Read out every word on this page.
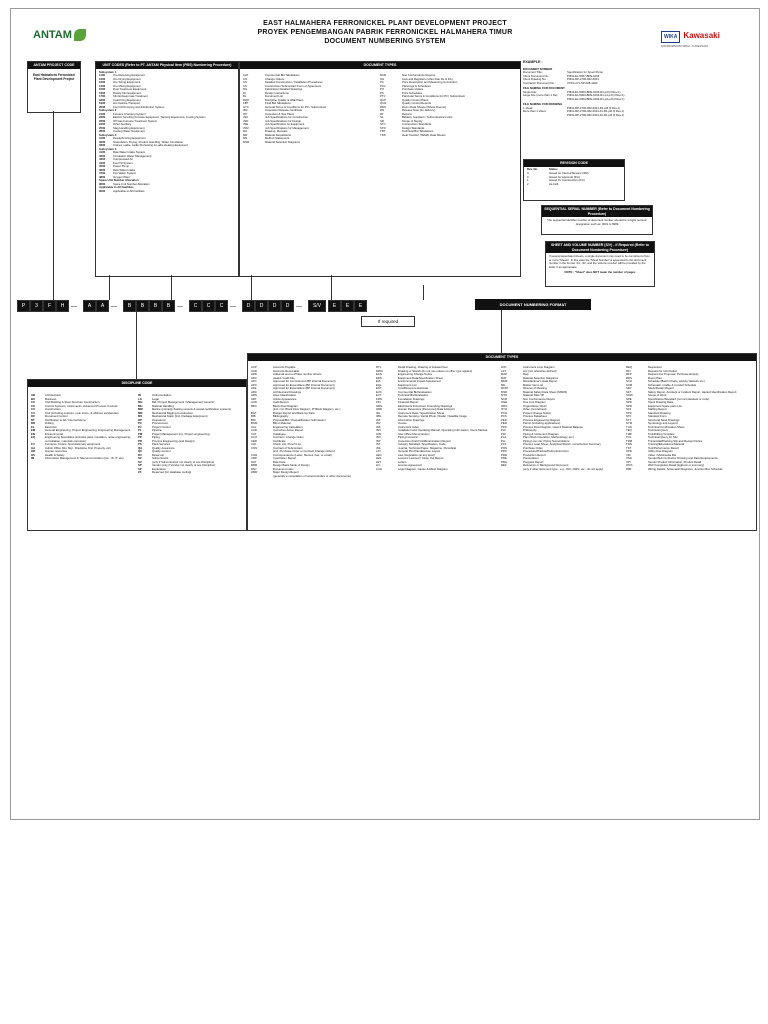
ANTAM	WIKA Kawasaki
KONSORSIUM WIKA - KAWASAKI
EAST HALMAHERA FERRONICKEL PLANT DEVELOPMENT PROJECT
PROYEK PENGEMBANGAN PABRIK FERRONICKEL HALMAHERA TIMUR
DOCUMENT NUMBERING SYSTEM
ANTAM PROJECT CODE
East Halmahera Ferronickel Plant Development Project
UNIT CODES (Refer to PT. ANTAM Physical Item (PBS) Numbering Procedure)
Subsystem 1
1100	Ore Receiving Equipment
1200	Ore Drying Equipment
1300	Ore Sizing Equipment
1400	Ore Mixing Equipment
1500	Dust Treatment Equipment
1600	Rotary Kiln Equipment
1700	Kiln Exhaust Gas Treatment
1800	Coal Firing Equipment
1900	Hot Calcine Transport
2000	Fuel Oil Pumping and distribution System
Subsystem 2
2100	Furnace Charging System
2200	Electric Smelting Furnace Equipment, Tapping Equipment, Cooling System
2300	Off Gas Furnace Treatment System
2400	Other Auxiliary
2500	Slag Handling Equipment
2600	Cooling Water Equipment
Subsystem 3
3100	Desulphurizing Equipment
3200	Granulation, Drying, Product Handling, Water Circulation
3300	Cranes, Ladle, Ladle Preheating & Ladle Heating Equipment
Subsystem 4
4100	Raw Water Intake System
4200	Circulation Water Management
4300	Compressed Air
4400	Fuel Oil System
4500	Power Pump
4600	Raw Water Intake
4700	Fire Water System
4800	Oxygen Plant
Spare Unit Number Allocation
9000	Spare Unit Number Allocation
Applicable to All Facilities
0000	Applicable to All Facilities
DOCUMENT TYPES
CAT	Commercial Bid Tabulations
CO	Change Orders
CS	Detailed Construction / Installation Procedures
CS	Construction Subcontract Form of Agreement
DG	Fabrication Detailed Drawings
DI	Design Instructions
DL	Document List
DQP	Discipline Quality & HSE Plans
FBT	Final Bid Tabulations
GTC	General Terms & Conditions for PO / Subcontract
IRC	Inspection Release Certificate
ITP	Inspection & Test Plans
JSC	Job Specifications for Construction
JSD	Job Specifications for Design
JSE	Job Specification for Equipment
JSM	Job Specifications for Management
MA	Drawing, Manuals
MR	Material Requisitions
MS	Method Statements
MSR	Material Selection Diagrams
NCR	Non Conformance Reports
OG	Lists and Registers (other than DL & ICL)
PC	Price Description and Measuring Convention
PLG	Plannings & Schedules
PO	Purchase Orders
PS	Price Schedules
PTC	Particular Terms & Conditions for PO / Subcontract
QCP	Quality Control Plans
QCR	Quality Control Reports
RDS	Room Data Sheets (Whole Rooms)
RN	Release Note (for delivery)
RT	Reports
SL	Bidders, Suppliers / Subcontractors Lists
SR	Scope of Supply
STC	Construction Standards
STD	Design Standards
TBT	Technical Bid Tabulations
TDS	Heat Transfer (TEMA) Data Sheets
EXAMPLE :
DOCUMENT NUMBER
Document Title :	Specification for Spool Pump
Client Document No. :	P3FH-EL-5007-BPE-1003
Client Drawing No. :	P3FH-RP-2700-062-6001
Contractor Document No. :	XXXX-271-SP-068-1003
FILE NAMING FOR DOCUMENT
Single File:	P3FH-EL-5000-BPE-1003-R1.pdf (if Rev.1)
Large File (more than 1 file):	P3FH-EL-5000-BPE-1003-R1-p1.pdf (if Rev.1)
P3FH-EL-5000-BPE-1003-R1-p2.pdf (if Rev.1)
FILE NAMING FOR DRAWING
1 sheet:	P3FH-RP-2700-062-6001-R1.pdf (if Rev.1)
More than 1 sheet:	P3FH-RP-2700-062-6001-01-R1.pdf (if Rev.1)
P3FH-RP-2700-062-6001-02-R1.pdf (if Rev.1)
REVISION CODE
Rev. No.	Status
A	Issued for Internal Review (IFR)
0	Issued for Approval (IFA)
1	Issued for Construction (IFC)
2	As-built
SEQUENTIAL SERIAL NUMBER (Refer to Document Numbering Procedure)
The sequential identifier number of document number should be 4 digits numeric designation such as: 0001 to 9999
SHEET AND VOLUME NUMBER (S/V) - if Required (Refer to Document Numbering Procedure)
If several associated sheets, a single document may need to be comprised of two or more 'Sheets'. In this case the 'Sheet Number' is appended to the document number in the format -S1, -S2, and the Volume number will be provided by the letter V as appropriate.
NOTE : "Sheet" does NOT mean the number of pages
P	3	F	H	—	A	A	—	B	B	B	B	—	C	C	C	—	D	D	D	D	—	S/V	E	E	E	DOCUMENT NUMBERING FORMAT
If required
DISCIPLINE CODE
AB	Architectural
BU	Business
CC	Civil Building & Steel Structure Construction
CS	Control Systems, Instruments, Advanced Process Controls
CU	Construction
CV	Civil (including onshore, near shore, & offshore earthworks)
DC	Document Control
DT	Distribution to All / Internal Memo
DR	Drilling
EL	Electrical
EM	General Engineering, Project Engineering, Engineering Management
EN	Environmental
EQ	Engineering Specialties (includes paint, insulation, noise engineering, consultation, materials corrosion)
FU	Furnaces, boilers, fired stationary equipment
GA	Admin Office (Div. Mgr., Discipline O/H, Property, etc)
HR	Human resources
HS	Health & Safety
IM	Information Management & Telecommunication (inc., IS, IT, etc)
IN	Instrumentation
LG	Legal
MG	Bid / Project Management / Management General
MH	Material Handling
MM	Marine (primarily floating vessels & vessel-rectification systems)
MR	Mechanical Rigging Construction
MS	Mechanical Static (Incl. Package Equipment)
OP	Operations
PC	Procurement
PJ	Project Control
PL	Pipeline
PM	Project Management (inc. Project engineering)
PP	Piping
PR	Process Engineering (and Design)
PS	Plant Services
QA	Quality Assurance
QC	Quality Control
RV	Reservoir
SC	Subcontracts
SV	(only if Subcontractor not clearly of one Discipline)
SP	Vendor (only if Vendor not clearly of one Discipline)
XP	Exploration
ZZ	Reserved (for database tooling)
DOCUMENT TYPES
ACP	Accounts Payable
ACR	Accounts Receivable
ADD	Addenda and ex-Phase number sheets
ADC	Award / Audit File
AFC	Approved for Commitment (BP Internal Document)
AFD	Approved for Expenditure (BP Internal Document)
AFE	Approved for Expenditure (BP Internal Document)
ARC	Architectural Drawings
ARN	Area Classification
ART	Article Appearance
AUD	Audit Report
BFD	Block Flow Diagram
(incl. incl. Block Flow Diagram, IP Block Diagram, etc.)
BGT	Budget Report and Back Up Data
BIB	Bibliography
BID	Proposal/Bid / Prequalification Submission
BOM	Bill of Material
CAL	Engineering Calculation
CAR	Corrective Action Report
CAT	Catalogue
CCO	Contract / Change Order
CER	Certificate
CHL	Check List, Punch List
CON	Contract of Subcontract
(incl. Purchase Order or Contract Change Orders)
COR	Correspondence (Letter, Memos, Fax, or email)
CRP	Cost Data / Report
DAT	Raw Data
DBM	Design Basis Mode of Design
DNY	Document Index
DMR	Major Design Report
(generally a compilation of several studies or other documents)
DTL	Detail Drawing, Drawing of Isolated Item
DWG	Drawing or Sketch (do not use unless no other type applies)
ECN	Engineering Change Notice
EDS	Equipment Data/Specification Sheet
EIA	Environmental Impact Assessment
EQL	Equipment List
EST	Cost/Resource Estimate
EVC	Commercial Bid Evaluation
EVT	Technical Bid Evaluation
FDN	Foundation Drawings
FIN	Financial Report
GRN	Electrical & Instrument Grounding Drawings
HRD	Human Resources (Personnel) Data & Report
IDL	Instrument Data / Specification Sheet
IMG	Remote Sensing / Aerial Photo / Radar / Satellite Image
INF	Information Drawings
INV	Invoice
INX	Instrument Index
ISN	Installation and Operating Manual, Operating Information, Users Manual
IOM	Inter Office Memorandum
ISO	Piping Isometric
ISP	Inspection (Field Visit/Examination) Report
IST	Industry Standard, Specification, Code
JNL	Journal, Technical Paper, Magazine, Periodical
LAY	General Plot Plan/Erection Layout
LEG	Law, Regulation (at any level)
LES	Lessons Learned / Close Out Report
LET	Letters
LIC	License Agreement
LOG	Logic Diagram, Cause & Effect Diagram
LPD	Instrument Loop Diagram
LST	List (not otherwise defined)
MAP	Map
MAT	Material Selection Diagrams
MDR	Manufacturer's Data Report
MIL	Master Item List
MOM	Minutes of Meeting
MSD	Material Safety Data Sheet (MSDS)
MTO	Material Take Off
NCR	Non Conformance Report
ONE	One Line Diagram
ORG	Organization Chart
OTH	Other (not defined)
PCN	Project Change Notice
PCS	Process Datasheet
PED	Process Engineering Diagram
PER	Permit (including applications)
PFD	Process Flow Diagram, Heat & Material Balance
PHI	Philosophy
PID	Piping & Instrument Diagram
PLA	Plan (Work Operation, Methodology, etc.)
PLL	Piping Line List, Piping Nomenclature
PLS	Process Load Sheet, Analytical Sketch, Construction Summary
POS	Purchase Order
PRC	Procedure/Practice/Policy/Instruction
PRD	Production Report
PRE	Presentation
PRG	Progress Report
REF	Reference or Background Document
(only if other document type - e.g. JOU, DWG, etc - do not apply)
REQ	Requisition
RFI	Request for Information
RFP	Request For Proposal, Purchase Enquiry
RDS	Room Plan
SCH	Schedule (Batch Charts, Activity Network etc.)
SCM	Schematic / Cable & Conduit Schedule
SDY	Study/Design Report
SFT	Safety Report, Accident or Incident Report, Hazard Identification Report
SOW	Scope of Work
SPE	Specification/Standard (not incl standard or code)
SPD	Spool Drawing Data
SPR	Equipment Spare parts List
STA	Staffing Report
STD	Standard Drawing
STF	Standard Form
STT	Structural Steel Drawings
SYM	Symbology and Legend
TCN	Technical Confirmation Sheet
TEQ	Technical Query
TMP	Tool/Drilling Template
TOL	Technical Query for Site
TRM	Transmittal/Packing Slip and Receipt Notice
TRN	Training/Educational Material
TST	Test/Performance Result
UPD	Utility Flow Diagram
VID	Video / Multimedia File
VSD	Vendor/Sub Contractor Drawing and Data Requirements
VPI	Vendor Product Information, Product Detail
WCS	Well Completion Detail (logbook or summary)
WIR	Wiring Details, Schematic Diagrams, Junction Box Schedule
